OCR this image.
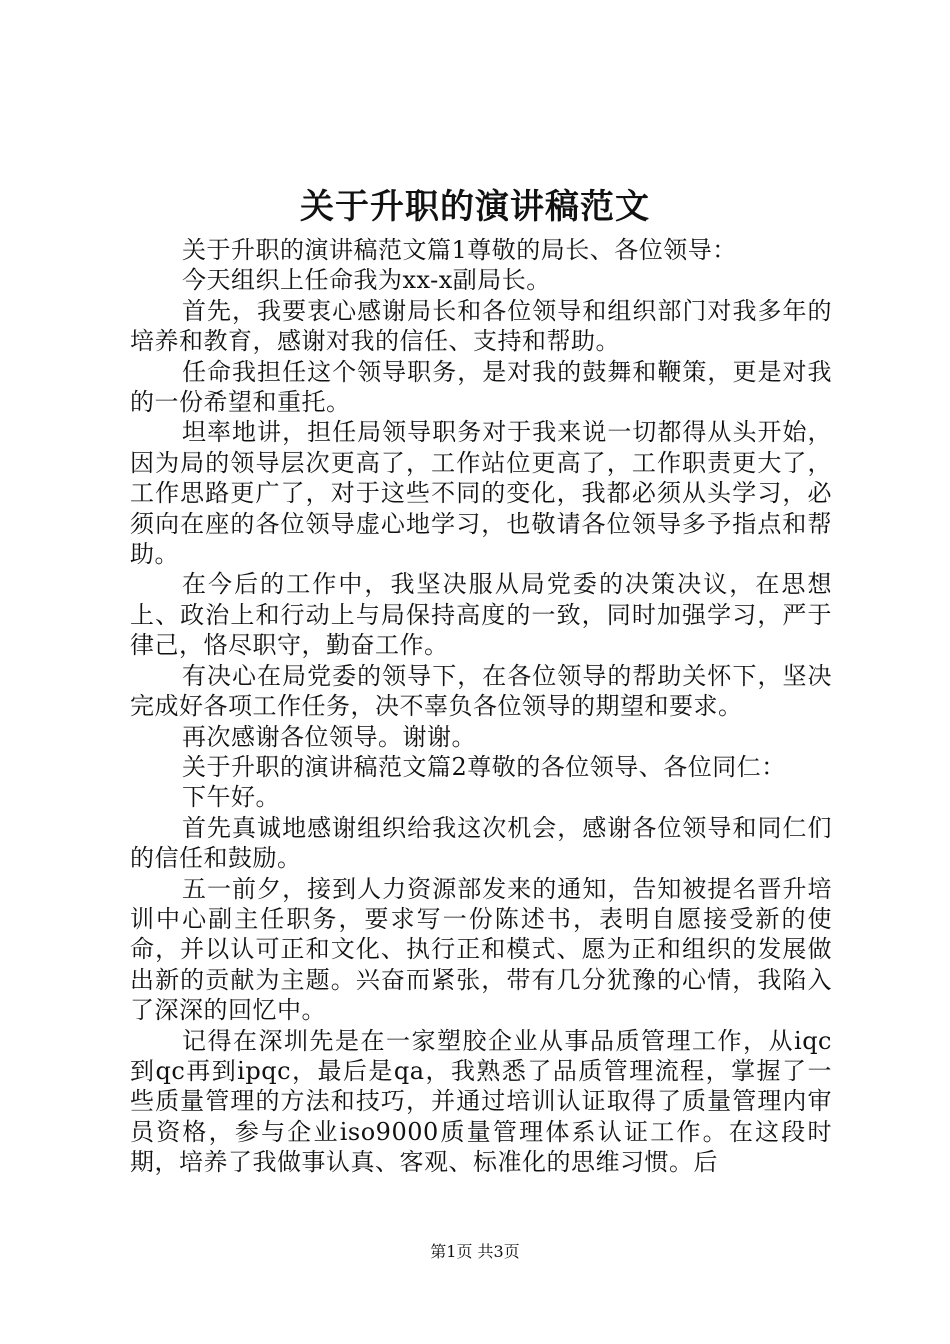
关于升职的演讲稿范文

关于升职的演讲稿范文篇1尊敬的局长、各位领导：

今天组织上任命我为xx-x副局长。

首先，我要衷心感谢局长和各位领导和组织部门对我多年的培养和教育，感谢对我的信任、支持和帮助。

任命我担任这个领导职务，是对我的鼓舞和鞭策，更是对我的一份希望和重托。

坦率地讲，担任局领导职务对于我来说一切都得从头开始，因为局的领导层次更高了，工作站位更高了，工作职责更大了，工作思路更广了，对于这些不同的变化，我都必须从头学习，必须向在座的各位领导虚心地学习，也敬请各位领导多予指点和帮助。

在今后的工作中，我坚决服从局党委的决策决议，在思想上、政治上和行动上与局保持高度的一致，同时加强学习，严于律己，恪尽职守，勤奋工作。

有决心在局党委的领导下，在各位领导的帮助关怀下，坚决完成好各项工作任务，决不辜负各位领导的期望和要求。

再次感谢各位领导。谢谢。

关于升职的演讲稿范文篇2尊敬的各位领导、各位同仁：

下午好。

首先真诚地感谢组织给我这次机会，感谢各位领导和同仁们的信任和鼓励。

五一前夕，接到人力资源部发来的通知，告知被提名晋升培训中心副主任职务，要求写一份陈述书，表明自愿接受新的使命，并以认可正和文化、执行正和模式、愿为正和组织的发展做出新的贡献为主题。兴奋而紧张，带有几分犹豫的心情，我陷入了深深的回忆中。

记得在深圳先是在一家塑胶企业从事品质管理工作，从iqc到qc再到ipqc，最后是qa，我熟悉了品质管理流程，掌握了一些质量管理的方法和技巧，并通过培训认证取得了质量管理内审员资格，参与企业iso9000质量管理体系认证工作。在这段时期，培养了我做事认真、客观、标准化的思维习惯。后

第1页 共3页
